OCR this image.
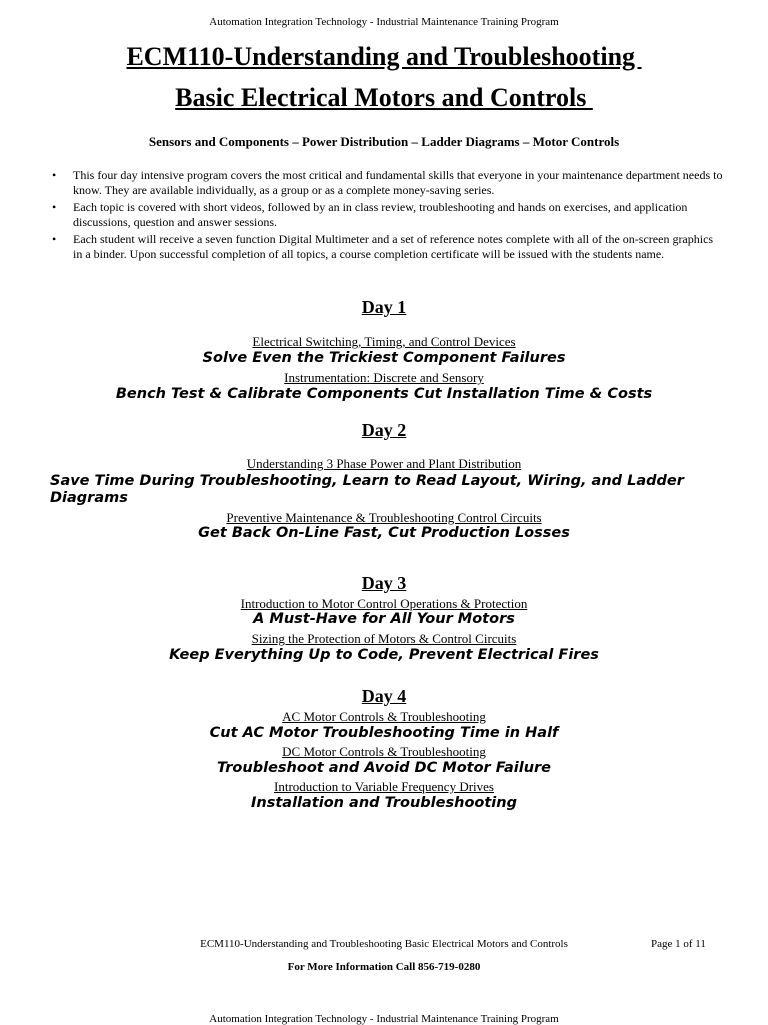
Automation Integration Technology - Industrial Maintenance Training Program
ECM110-Understanding and Troubleshooting
Basic Electrical Motors and Controls
Sensors and Components – Power Distribution – Ladder Diagrams – Motor Controls
• This four day intensive program covers the most critical and fundamental skills that everyone in your maintenance department needs to know. They are available individually, as a group or as a complete money-saving series.
• Each topic is covered with short videos, followed by an in class review, troubleshooting and hands on exercises, and application discussions, question and answer sessions.
• Each student will receive a seven function Digital Multimeter and a set of reference notes complete with all of the on-screen graphics in a binder. Upon successful completion of all topics, a course completion certificate will be issued with the students name.
Day 1
Electrical Switching, Timing, and Control Devices
Solve Even the Trickiest Component Failures
Instrumentation: Discrete and Sensory
Bench Test & Calibrate Components Cut Installation Time & Costs
Day 2
Understanding 3 Phase Power and Plant Distribution
Save Time During Troubleshooting, Learn to Read Layout, Wiring, and Ladder Diagrams
Preventive Maintenance & Troubleshooting Control Circuits
Get Back On-Line Fast, Cut Production Losses
Day 3
Introduction to Motor Control Operations & Protection
A Must-Have for All Your Motors
Sizing the Protection of Motors & Control Circuits
Keep Everything Up to Code, Prevent Electrical Fires
Day 4
AC Motor Controls & Troubleshooting
Cut AC Motor Troubleshooting Time in Half
DC Motor Controls & Troubleshooting
Troubleshoot and Avoid DC Motor Failure
Introduction to Variable Frequency Drives
Installation and Troubleshooting
ECM110-Understanding and Troubleshooting Basic Electrical Motors and Controls	Page 1 of 11
For More Information Call 856-719-0280
Automation Integration Technology - Industrial Maintenance Training Program
